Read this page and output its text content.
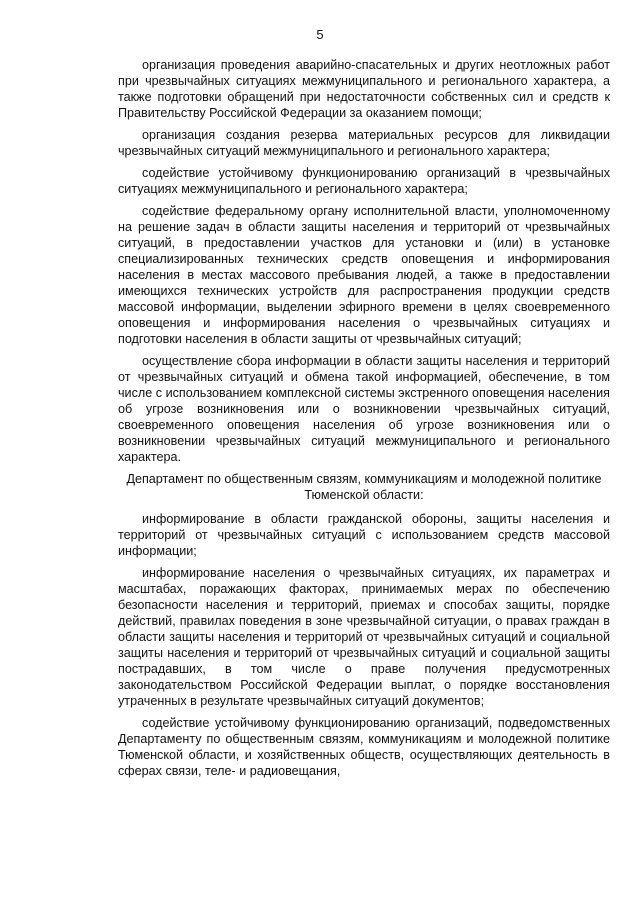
5

организация проведения аварийно-спасательных и других неотложных работ при чрезвычайных ситуациях межмуниципального и регионального характера, а также подготовки обращений при недостаточности собственных сил и средств к Правительству Российской Федерации за оказанием помощи;

организация создания резерва материальных ресурсов для ликвидации чрезвычайных ситуаций межмуниципального и регионального характера;

содействие устойчивому функционированию организаций в чрезвычайных ситуациях межмуниципального и регионального характера;

содействие федеральному органу исполнительной власти, уполномоченному на решение задач в области защиты населения и территорий от чрезвычайных ситуаций, в предоставлении участков для установки и (или) в установке специализированных технических средств оповещения и информирования населения в местах массового пребывания людей, а также в предоставлении имеющихся технических устройств для распространения продукции средств массовой информации, выделении эфирного времени в целях своевременного оповещения и информирования населения о чрезвычайных ситуациях и подготовки населения в области защиты от чрезвычайных ситуаций;

осуществление сбора информации в области защиты населения и территорий от чрезвычайных ситуаций и обмена такой информацией, обеспечение, в том числе с использованием комплексной системы экстренного оповещения населения об угрозе возникновения или о возникновении чрезвычайных ситуаций, своевременного оповещения населения об угрозе возникновения или о возникновении чрезвычайных ситуаций межмуниципального и регионального характера.

Департамент по общественным связям, коммуникациям и молодежной политике Тюменской области:

информирование в области гражданской обороны, защиты населения и территорий от чрезвычайных ситуаций с использованием средств массовой информации;

информирование населения о чрезвычайных ситуациях, их параметрах и масштабах, поражающих факторах, принимаемых мерах по обеспечению безопасности населения и территорий, приемах и способах защиты, порядке действий, правилах поведения в зоне чрезвычайной ситуации, о правах граждан в области защиты населения и территорий от чрезвычайных ситуаций и социальной защиты населения и территорий от чрезвычайных ситуаций и социальной защиты пострадавших, в том числе о праве получения предусмотренных законодательством Российской Федерации выплат, о порядке восстановления утраченных в результате чрезвычайных ситуаций документов;

содействие устойчивому функционированию организаций, подведомственных Департаменту по общественным связям, коммуникациям и молодежной политике Тюменской области, и хозяйственных обществ, осуществляющих деятельность в сферах связи, теле- и радиовещания,
